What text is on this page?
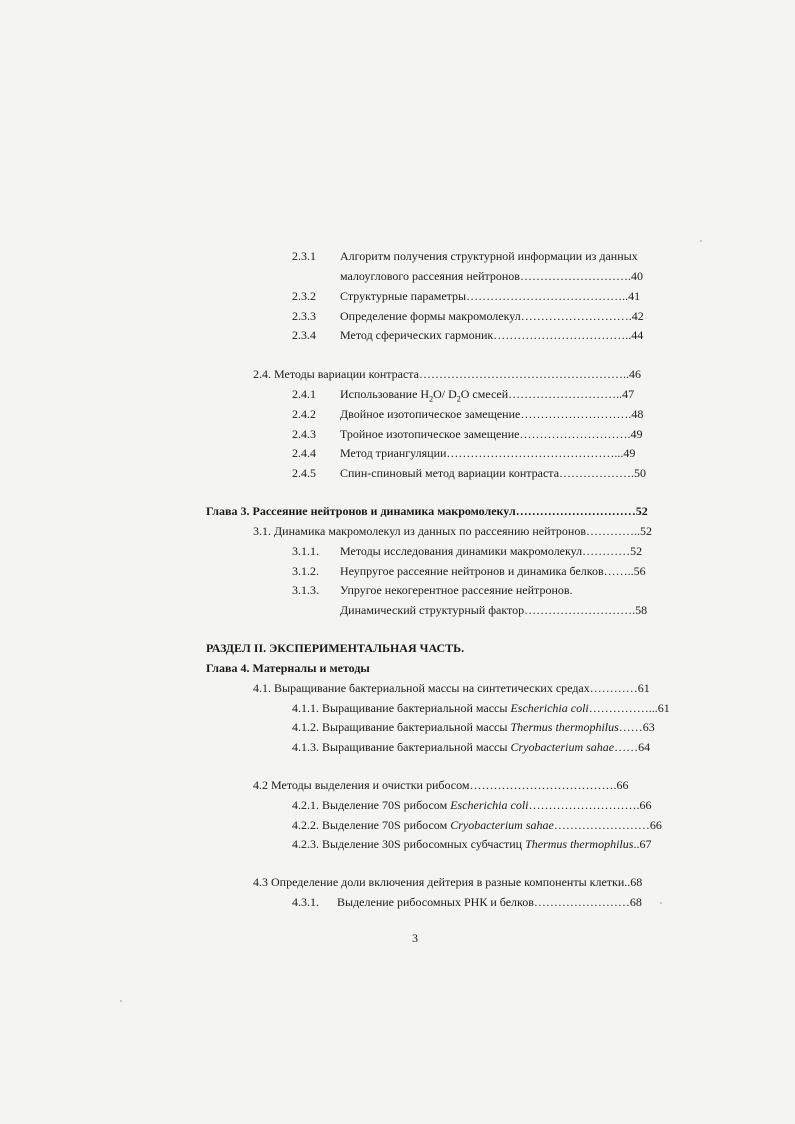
2.3.1 Алгоритм получения структурной информации из данных
малоуглового рассеяния нейтронов……………………….40
2.3.2 Структурные параметры…………………………………..41
2.3.3 Определение формы макромолекул……………………….42
2.3.4 Метод сферических гармоник……………………………..44
2.4. Методы вариации контраста……………………………………………..46
2.4.1 Использование $H_2O/$ $D_2O$ смесей………………………..47
2.4.2 Двойное изотопическое замещение……………………….48
2.4.3 Тройное изотопическое замещение……………………….49
2.4.4 Метод триангуляции……………………………………...49
2.4.5 Спин-спиновый метод вариации контраста……………….50
Глава 3. Рассеяние нейтронов и динамика макромолекул…………………………52
3.1. Динамика макромолекул из данных по рассеянию нейтронов…………..52
3.1.1. Методы исследования динамики макромолекул…………52
3.1.2. Неупругое рассеяние нейтронов и динамика белков……..56
3.1.3. Упругое некогерентное рассеяние нейтронов.
Динамический структурный фактор……………………….58
РАЗДЕЛ II. ЭКСПЕРИМЕНТАЛЬНАЯ ЧАСТЬ.
Глава 4. Матерналы и методы
4.1. Выращивание бактериальной массы на синтетических средах…………61
4.1.1. Выращивание бактериальной массы Escherichia coli……………...61
4.1.2. Выращивание бактериальной массы Thermus thermophilus……63
4.1.3. Выращивание бактериальной массы Cryobacterium sahae……64
4.2 Методы выделения и очистки рибосом……………………………….66
4.2.1. Выделение 70S рибосом Escherichia coli……………………….66
4.2.2. Выделение 70S рибосом Cryobacterium sahae……………………66
4.2.3. Выделение 30S рибосомных субчастиц Thermus thermophilus..67
4.3 Определение доли включения дейтерия в разные компоненты клетки..68
4.3.1. Выделение рибосомных РНК и белков……………………68
3
